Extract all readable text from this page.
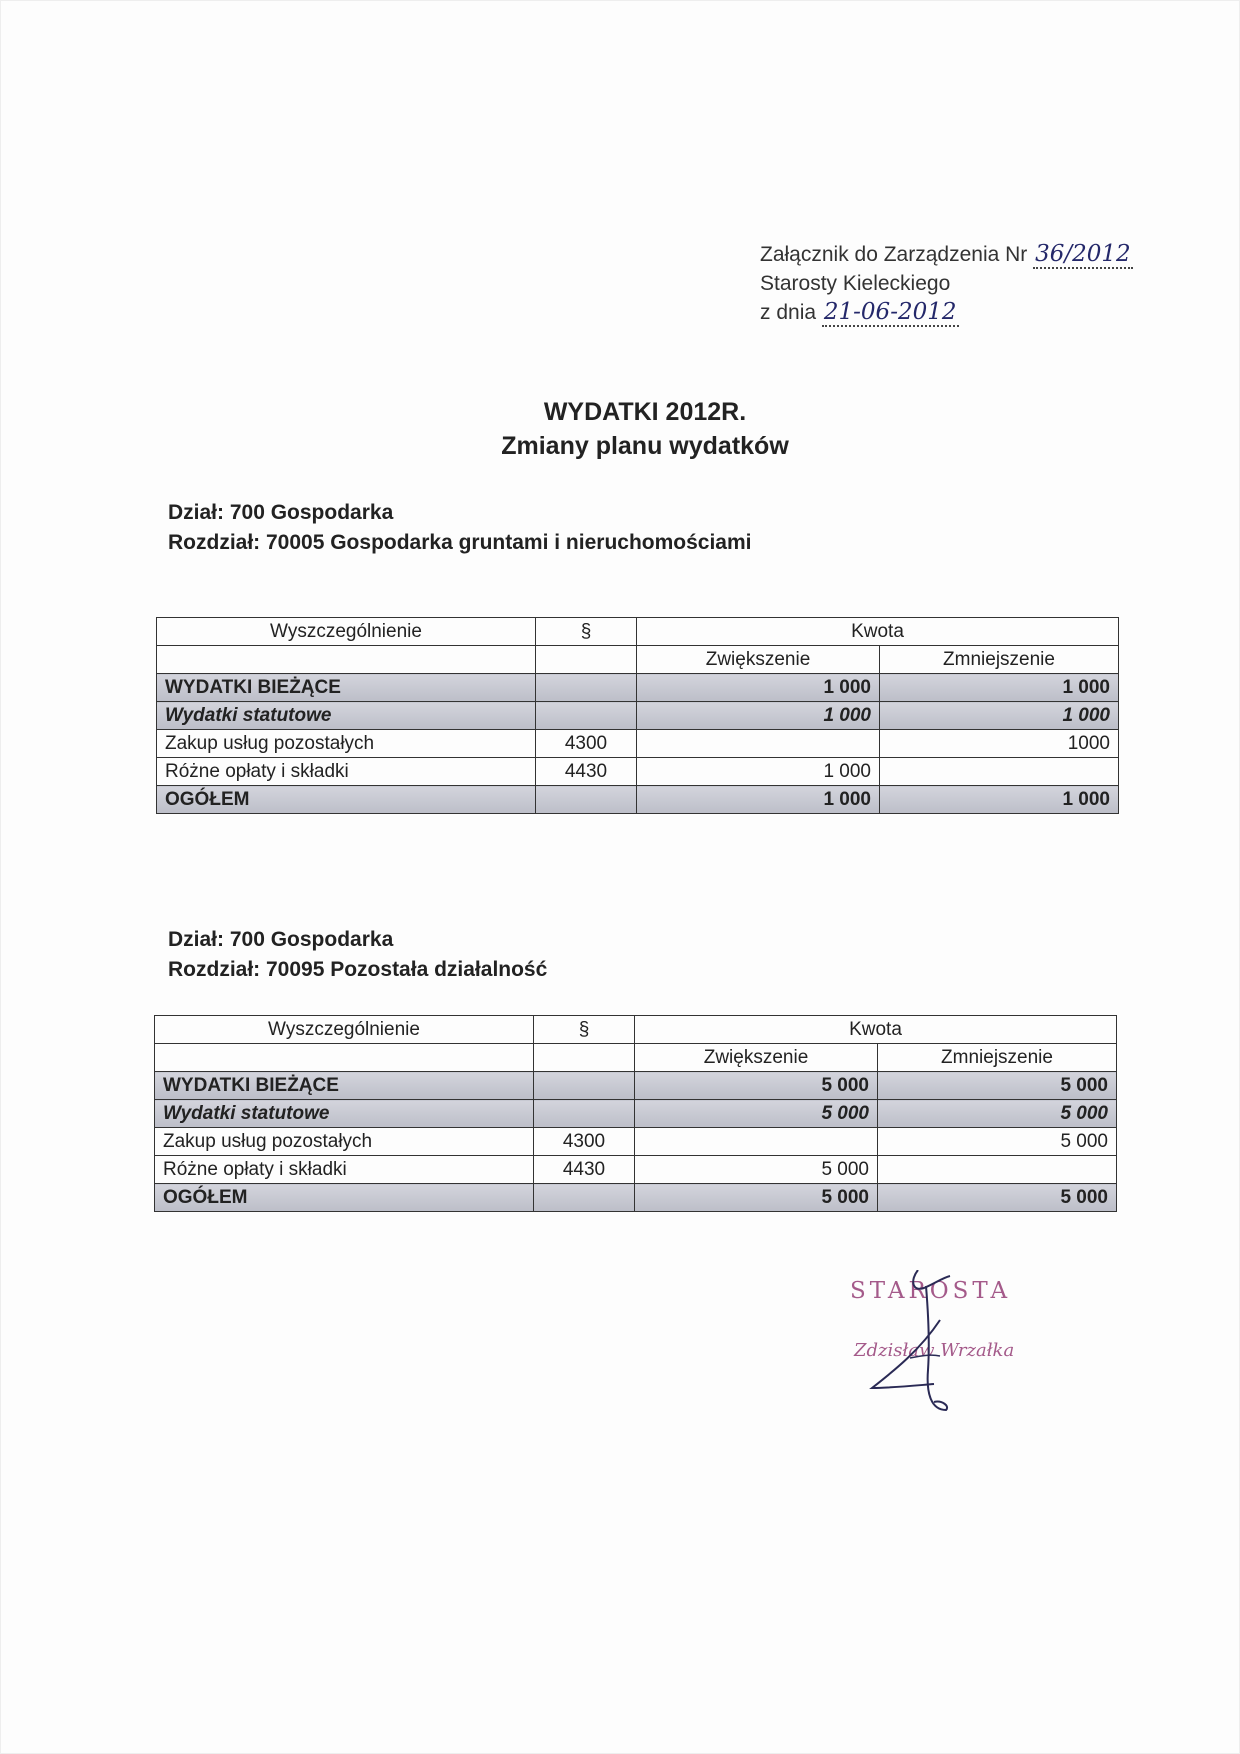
Załącznik do Zarządzenia Nr 36/2012
Starosty Kieleckiego
z dnia 21-06-2012
WYDATKI 2012R.
Zmiany planu wydatków
Dział: 700 Gospodarka
Rozdział: 70005 Gospodarka gruntami i nieruchomościami
Wyszczególnienie	§	Kwota	
		Zwiększenie	Zmniejszenie
WYDATKI BIEŻĄCE		1 000	1 000
Wydatki statutowe		1 000	1 000
Zakup usług pozostałych	4300		1000
Różne opłaty i składki	4430	1 000	
OGÓŁEM		1 000	1 000
Dział: 700 Gospodarka
Rozdział: 70095 Pozostała działalność
Wyszczególnienie	§	Kwota	
		Zwiększenie	Zmniejszenie
WYDATKI BIEŻĄCE		5 000	5 000
Wydatki statutowe		5 000	5 000
Zakup usług pozostałych	4300		5 000
Różne opłaty i składki	4430	5 000	
OGÓŁEM		5 000	5 000
STAROSTA
Zdzisław Wrzałka
